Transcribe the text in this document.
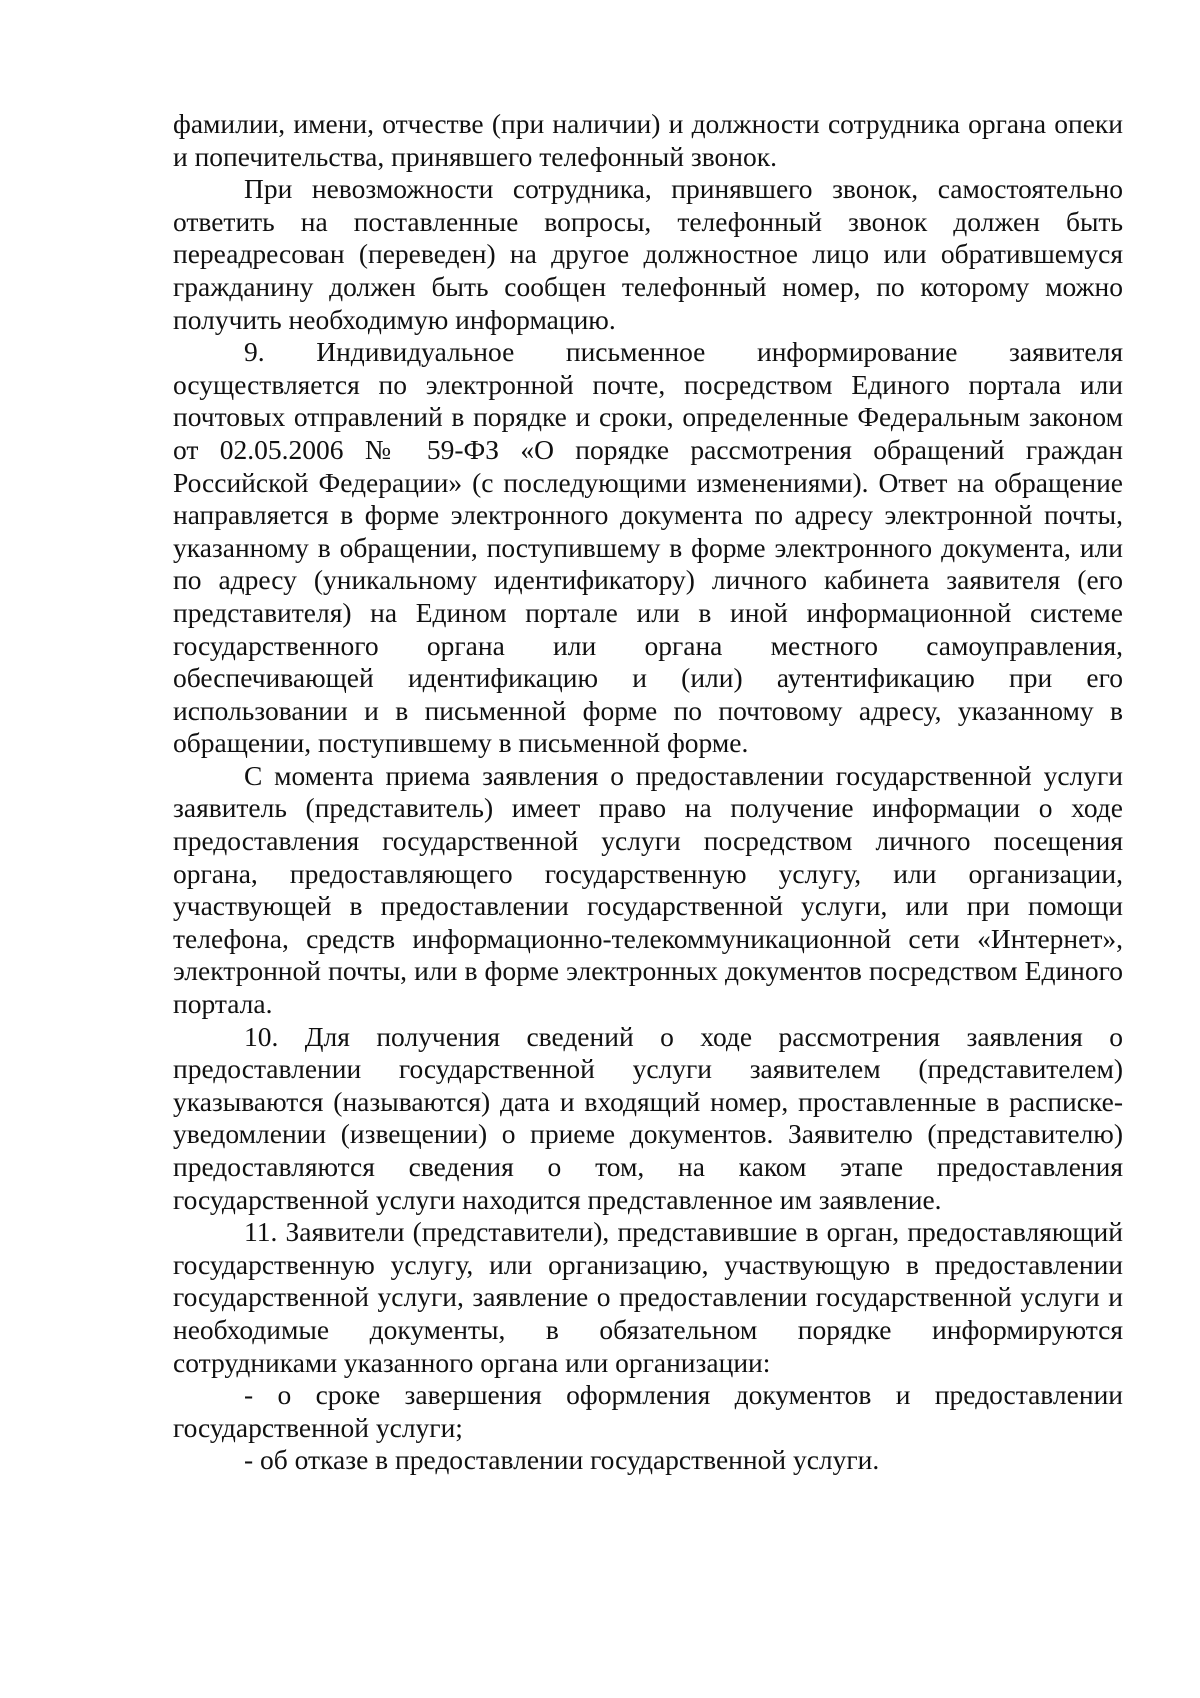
фамилии, имени, отчестве (при наличии) и должности сотрудника органа опеки и попечительства, принявшего телефонный звонок.

При невозможности сотрудника, принявшего звонок, самостоятельно ответить на поставленные вопросы, телефонный звонок должен быть переадресован (переведен) на другое должностное лицо или обратившемуся гражданину должен быть сообщен телефонный номер, по которому можно получить необходимую информацию.

9. Индивидуальное письменное информирование заявителя осуществляется по электронной почте, посредством Единого портала или почтовых отправлений в порядке и сроки, определенные Федеральным законом от 02.05.2006 № 59-ФЗ «О порядке рассмотрения обращений граждан Российской Федерации» (с последующими изменениями). Ответ на обращение направляется в форме электронного документа по адресу электронной почты, указанному в обращении, поступившему в форме электронного документа, или по адресу (уникальному идентификатору) личного кабинета заявителя (его представителя) на Едином портале или в иной информационной системе государственного органа или органа местного самоуправления, обеспечивающей идентификацию и (или) аутентификацию при его использовании и в письменной форме по почтовому адресу, указанному в обращении, поступившему в письменной форме.

С момента приема заявления о предоставлении государственной услуги заявитель (представитель) имеет право на получение информации о ходе предоставления государственной услуги посредством личного посещения органа, предоставляющего государственную услугу, или организации, участвующей в предоставлении государственной услуги, или при помощи телефона, средств информационно-телекоммуникационной сети «Интернет», электронной почты, или в форме электронных документов посредством Единого портала.

10. Для получения сведений о ходе рассмотрения заявления о предоставлении государственной услуги заявителем (представителем) указываются (называются) дата и входящий номер, проставленные в расписке-уведомлении (извещении) о приеме документов. Заявителю (представителю) предоставляются сведения о том, на каком этапе предоставления государственной услуги находится представленное им заявление.

11. Заявители (представители), представившие в орган, предоставляющий государственную услугу, или организацию, участвующую в предоставлении государственной услуги, заявление о предоставлении государственной услуги и необходимые документы, в обязательном порядке информируются сотрудниками указанного органа или организации:

- о сроке завершения оформления документов и предоставлении государственной услуги;

- об отказе в предоставлении государственной услуги.
